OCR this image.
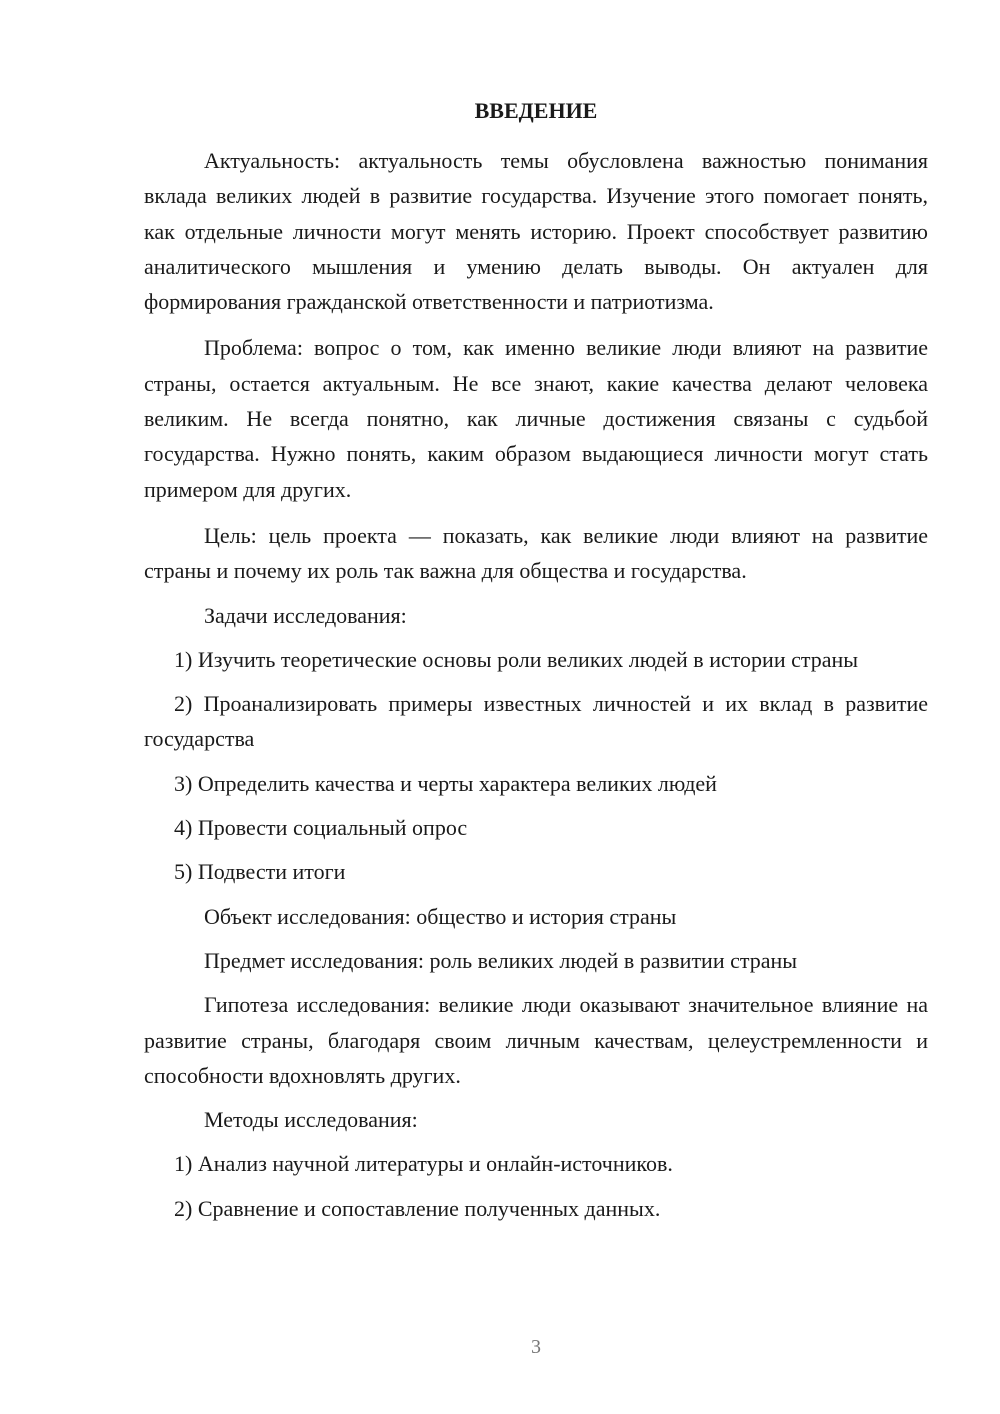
ВВЕДЕНИЕ

Актуальность: актуальность темы обусловлена важностью понимания вклада великих людей в развитие государства. Изучение этого помогает понять, как отдельные личности могут менять историю. Проект способствует развитию аналитического мышления и умению делать выводы. Он актуален для формирования гражданской ответственности и патриотизма.

Проблема: вопрос о том, как именно великие люди влияют на развитие страны, остается актуальным. Не все знают, какие качества делают человека великим. Не всегда понятно, как личные достижения связаны с судьбой государства. Нужно понять, каким образом выдающиеся личности могут стать примером для других.

Цель: цель проекта — показать, как великие люди влияют на развитие страны и почему их роль так важна для общества и государства.

Задачи исследования:

1) Изучить теоретические основы роли великих людей в истории страны

2) Проанализировать примеры известных личностей и их вклад в развитие государства

3) Определить качества и черты характера великих людей

4) Провести социальный опрос

5) Подвести итоги

Объект исследования: общество и история страны

Предмет исследования: роль великих людей в развитии страны

Гипотеза исследования: великие люди оказывают значительное влияние на развитие страны, благодаря своим личным качествам, целеустремленности и способности вдохновлять других.

Методы исследования:

1) Анализ научной литературы и онлайн-источников.

2) Сравнение и сопоставление полученных данных.

3
